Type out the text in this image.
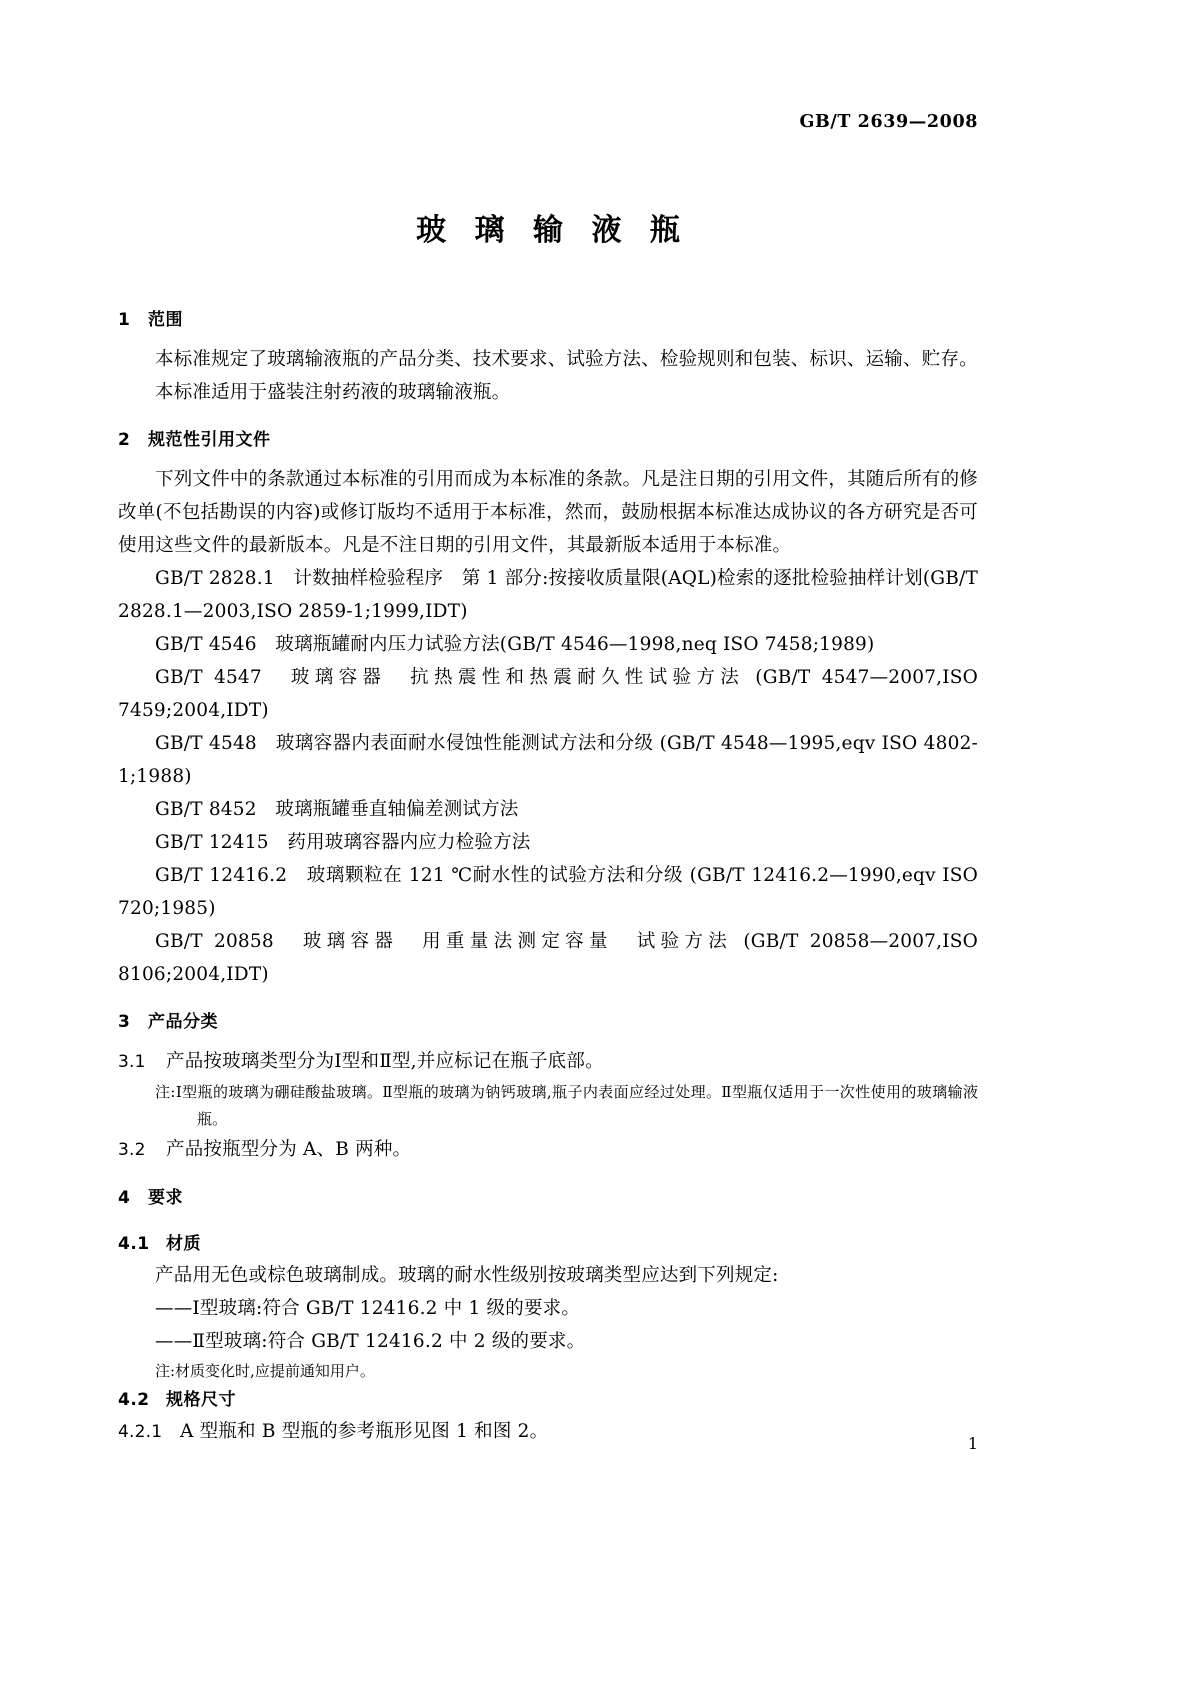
GB/T 2639—2008
玻 璃 输 液 瓶
1 范围

本标准规定了玻璃输液瓶的产品分类、技术要求、试验方法、检验规则和包装、标识、运输、贮存。

本标准适用于盛装注射药液的玻璃输液瓶。

2 规范性引用文件

下列文件中的条款通过本标准的引用而成为本标准的条款。凡是注日期的引用文件，其随后所有的修改单(不包括勘误的内容)或修订版均不适用于本标准，然而，鼓励根据本标准达成协议的各方研究是否可使用这些文件的最新版本。凡是不注日期的引用文件，其最新版本适用于本标准。

GB/T 2828.1　计数抽样检验程序　第 1 部分:按接收质量限(AQL)检索的逐批检验抽样计划(GB/T 2828.1—2003,ISO 2859-1;1999,IDT)

GB/T 4546　玻璃瓶罐耐内压力试验方法(GB/T 4546—1998,neq ISO 7458;1989)

GB/T 4547　玻璃容器　抗热震性和热震耐久性试验方法 (GB/T 4547—2007,ISO 7459;2004,IDT)

GB/T 4548　玻璃容器内表面耐水侵蚀性能测试方法和分级 (GB/T 4548—1995,eqv ISO 4802-1;1988)

GB/T 8452　玻璃瓶罐垂直轴偏差测试方法

GB/T 12415　药用玻璃容器内应力检验方法

GB/T 12416.2　玻璃颗粒在 121 ℃耐水性的试验方法和分级 (GB/T 12416.2—1990,eqv ISO 720;1985)

GB/T 20858　玻璃容器　用重量法测定容量　试验方法 (GB/T 20858—2007,ISO 8106;2004,IDT)

3 产品分类

3.1 产品按玻璃类型分为Ⅰ型和Ⅱ型,并应标记在瓶子底部。

注:Ⅰ型瓶的玻璃为硼硅酸盐玻璃。Ⅱ型瓶的玻璃为钠钙玻璃,瓶子内表面应经过处理。Ⅱ型瓶仅适用于一次性使用的玻璃输液瓶。

3.2 产品按瓶型分为 A、B 两种。

4 要求
4.1 材质

产品用无色或棕色玻璃制成。玻璃的耐水性级别按玻璃类型应达到下列规定:

——Ⅰ型玻璃:符合 GB/T 12416.2 中 1 级的要求。

——Ⅱ型玻璃:符合 GB/T 12416.2 中 2 级的要求。

注:材质变化时,应提前通知用户。

4.2 规格尺寸

4.2.1 A 型瓶和 B 型瓶的参考瓶形见图 1 和图 2。

1
